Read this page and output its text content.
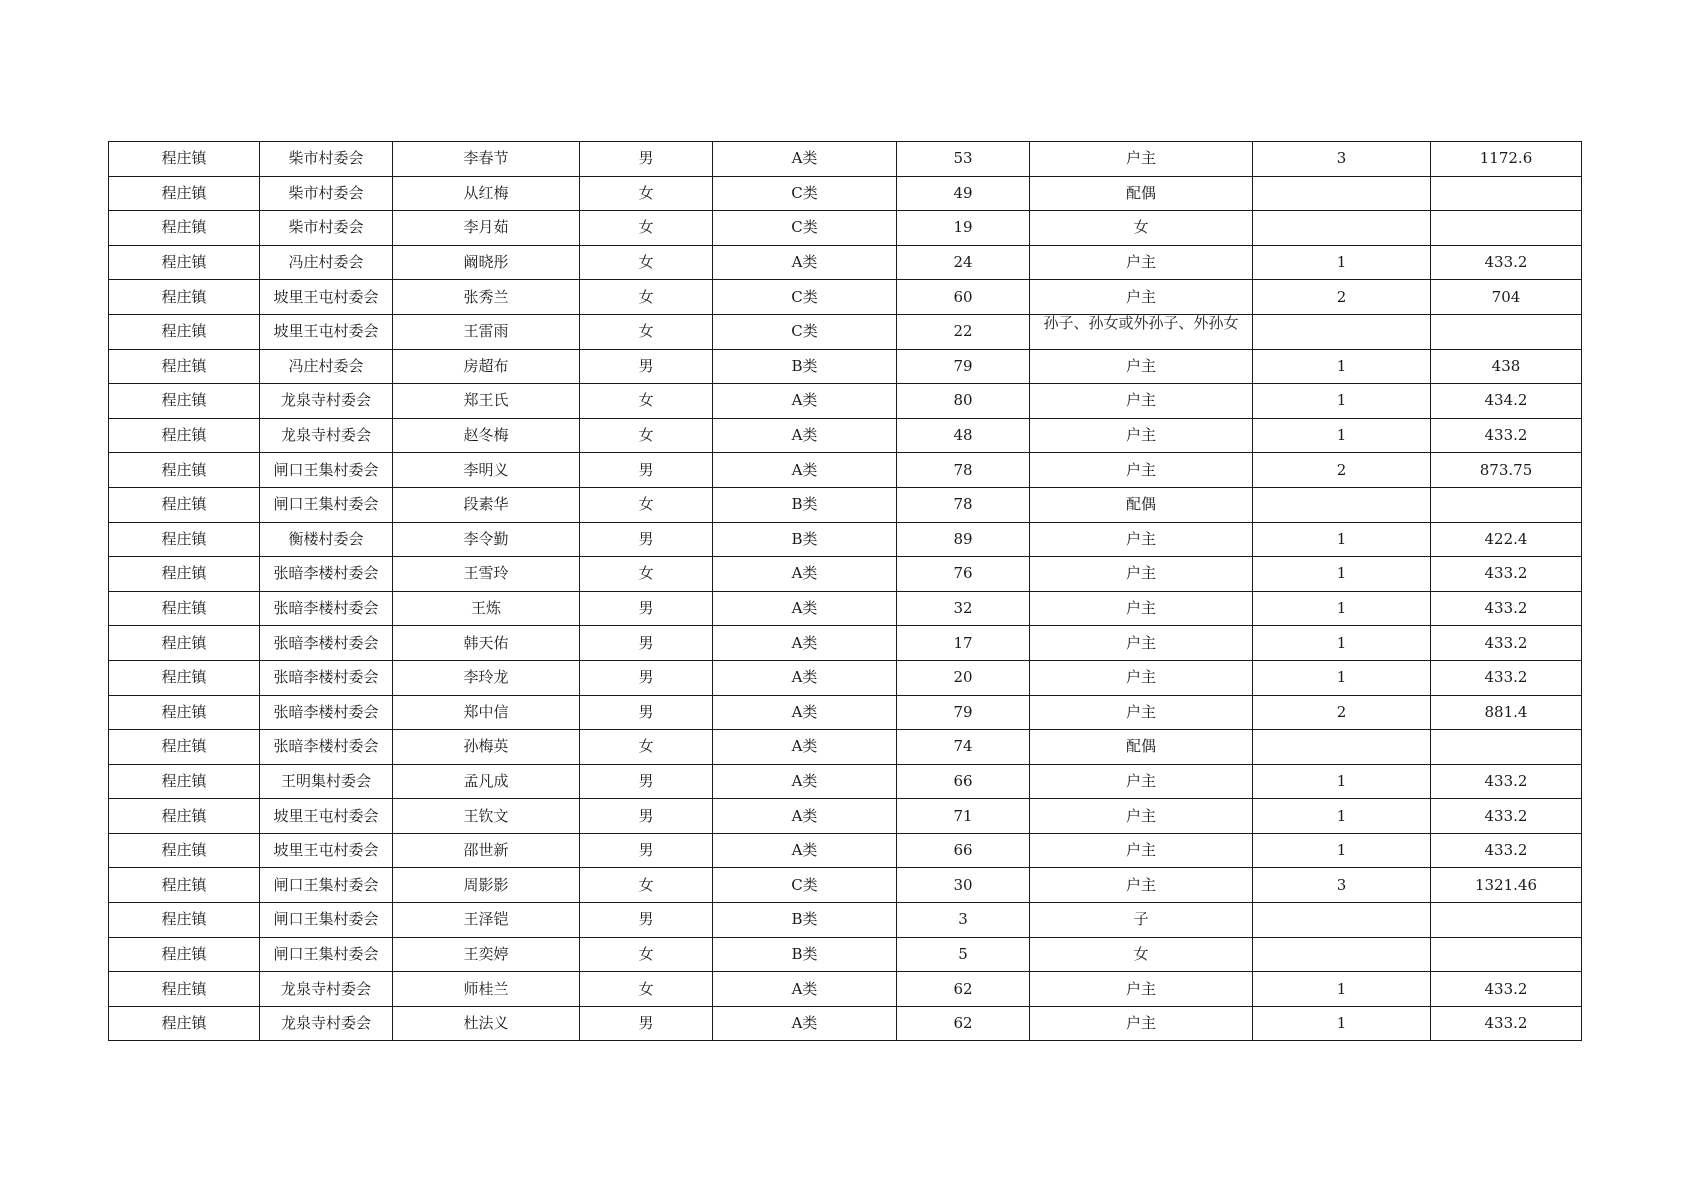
程庄镇	柴市村委会	李春节	男	A类	53	户主	3	1172.6
程庄镇	柴市村委会	从红梅	女	C类	49	配偶		
程庄镇	柴市村委会	李月茹	女	C类	19	女		
程庄镇	冯庄村委会	阚晓彤	女	A类	24	户主	1	433.2
程庄镇	坡里王屯村委会	张秀兰	女	C类	60	户主	2	704
程庄镇	坡里王屯村委会	王雷雨	女	C类	22	孙子、孙女或外孙子、外孙女		

程庄镇	冯庄村委会	房超布	男	B类	79	户主	1	438
程庄镇	龙泉寺村委会	郑王氏	女	A类	80	户主	1	434.2
程庄镇	龙泉寺村委会	赵冬梅	女	A类	48	户主	1	433.2
程庄镇	闸口王集村委会	李明义	男	A类	78	户主	2	873.75
程庄镇	闸口王集村委会	段素华	女	B类	78	配偶		
程庄镇	衡楼村委会	李令勤	男	B类	89	户主	1	422.4
程庄镇	张暗李楼村委会	王雪玲	女	A类	76	户主	1	433.2
程庄镇	张暗李楼村委会	王炼	男	A类	32	户主	1	433.2
程庄镇	张暗李楼村委会	韩天佑	男	A类	17	户主	1	433.2
程庄镇	张暗李楼村委会	李玲龙	男	A类	20	户主	1	433.2
程庄镇	张暗李楼村委会	郑中信	男	A类	79	户主	2	881.4
程庄镇	张暗李楼村委会	孙梅英	女	A类	74	配偶		
程庄镇	王明集村委会	孟凡成	男	A类	66	户主	1	433.2
程庄镇	坡里王屯村委会	王钦文	男	A类	71	户主	1	433.2
程庄镇	坡里王屯村委会	邵世新	男	A类	66	户主	1	433.2
程庄镇	闸口王集村委会	周影影	女	C类	30	户主	3	1321.46
程庄镇	闸口王集村委会	王泽铠	男	B类	3	子		
程庄镇	闸口王集村委会	王奕婷	女	B类	5	女		
程庄镇	龙泉寺村委会	师桂兰	女	A类	62	户主	1	433.2
程庄镇	龙泉寺村委会	杜法义	男	A类	62	户主	1	433.2
